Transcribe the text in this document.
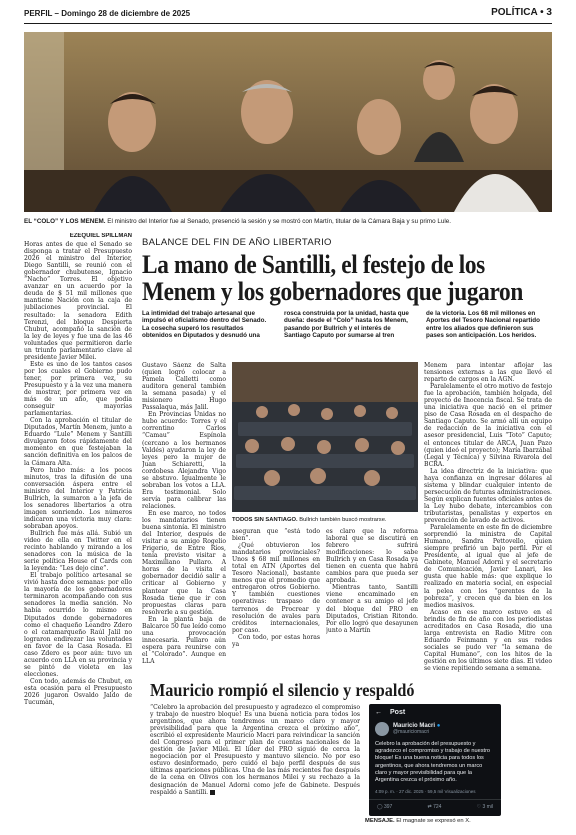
PERFIL – Domingo 28 de diciembre de 2025	POLÍTICA • 3
EL “COLO” Y LOS MENEM. El ministro del Interior fue al Senado, presenció la sesión y se mostró con Martín, titular de la Cámara Baja y su primo Lule.
EZEQUIEL SPILLMAN

Horas antes de que el Senado se dispongа a tratar el Presupuesto 2026 el ministro del Interior, Diego Santilli, se reunió con el gobernador chubutense, Ignacio “Nacho” Torres. El objetivo avanzar en un acuerdo por la deuda de $ 51 mil millones que mantiene Nación con la caja de jubilaciones provincial. El resultado: la senadora Edith Terenzi, del bloque Despierta Chubut, acompañó la sanción de la ley de leyes y fue una de las 46 voluntades que permitieron darle un triunfo parlamentario clave al presidente Javier Milei.

Este es uno de los tantos casos por los cuales el Gobierno pudo tener, por primera vez, su Presupuesto y a la vez una manera de mostrar, por primera vez en más de un año, que podía conseguir mayorías parlamentarias.

Con la aprobación el titular de Diputados, Martín Menem, junto a Eduardo “Lule” Menem y Santilli divulgaron fotos rápidamente del momento en que festejaban la sanción definitiva en los palcos de la Cámara Alta.

Pero hubo más: a los pocos minutos, tras la difusión de una conversación áspera entre el ministro del Interior y Patricia Bullrich, la sumaron a la jefa de los senadores libertarios a otra imagen sonriendo. Los números indicaron una victoria muy clara: sobraban apoyos.

Bullrich fue más allá. Subió un video de ella en Twitter en el recinto hablando y mirando a los senadores con la música de la serie política House of Cards con la leyenda: “Les dejo cine”.

El trabajo político artesanal se vivió hasta doce semanas: por ello la mayoría de los gobernadores terminaron acompañando con sus senadores la media sanción. No había ocurrido lo mismo en Diputados donde gobernadores como el chaqueño Leandro Zdero o el catamarqueño Raúl Jalil no lograron endirezar las voluntades en favor de la Casa Rosada. El caso Zdero es peor aún: tuvo un acuerdo con LLA en su provincia y se pintó de violeta en las elecciones.

Con todo, además de Chubut, en esta ocasión para el Presupuesto 2026 jugaron Osvaldo Jaldo de Tucumán,

BALANCE DEL FIN DE AÑO LIBERTARIO
La mano de Santilli, el festejo de los
Menem y los gobernadores que jugaron
La intimidad del trabajo artesanal que impulsó el oficialismo dentro del Senado. La cosecha superó los resultados obtenidos en Diputados y desnudó una
rosca construida por la unidad, hasta que dueña: desde el “Colo” hasta los Menem, pasando por Bullrich y el interés de Santiago Caputo por sumarse al tren
de la victoria. Los 68 mil millones en Aportes del Tesoro Nacional repartido entre los aliados que definieron sus pases son anticipación. Los heridos.

Gustavo Sáenz de Salta (quien logró colocar a Pamela Calletti como auditora general también la semana pasada) y el misionero Hugo Passalaqua, más Jalil.

En Provincias Unidas no hubo acuerdo: Torres y el correntino Carlos “Camau” Espínola (cercano a los hermanos Valdés) ayudaron la ley de leyes pero la mujer de Juan Schiaretti, la cordobesa Alejandra Vigo se abstuvo. Igualmente le sobraban los votos a LLA. Era testimonial. Solo servía para calibrar las relaciones.

En ese marco, no todos los mandatarios tienen buena sintonía. El ministro del Interior, después de visitar a su amigo Rogelio Frigerio, de Entre Ríos, tenía previsto visitar a Maximiliano Pullaro. A horas de la visita el gobernador decidió salir a criticar al Gobierno y plantear que la Casa Rosada tiene que ir con propuestas claras para resolverle a su gestión.

En la planta baja de Balcarce 50 fue leído como una provocación innecesaria. Pullaro aún espera para reunirse con el “Colorado”. Aunque en LLA

TODOS SIN SANTIAGO. Bullrich también buscó mostrarse.

aseguran que “está todo bien”.

¿Qué obtuvieron los mandatarios provinciales? Unos $ 68 mil millones en total en ATN (Aportes del Tesoro Nacional), bastante menos que el promedio que entregaron otros Gobierno. Y también cuestiones operativas: traspaso de terrenos de Procrear y resolución de avales para créditos internacionales, por caso.

Con todo, por estas horas ya

es claro que la reforma laboral que se discutirá en febrero sufrirá modificaciones: lo sabe Bullrich y en Casa Rosada ya tienen en cuenta que habrá cambios para que pueda ser aprobada.

Mientras tanto, Santilli viene encaminado en contener a su amigo el jefe del bloque del PRO en Diputados, Cristian Ritondo. Por ello logró que desayunen junto a Martín

Menem para intentar aflojar las tensiones externas a las que llevó el reparto de cargos en la AGN.

Paralelamente el otro motivo de festejo fue la aprobación, también holgada, del proyecto de Inocencia fiscal. Se trata de una iniciativa que nació en el primer piso de Casa Rosada en el despacho de Santiago Caputo. Se armó allí un equipo de redacción de la iniciativa con el asesor presidencial, Luis “Toto” Caputo; el entonces titular de ARCA, Juan Pazo (quien ideó el proyecto); María Ibarzábal (Legal y Técnica) y Silvina Rivarola del BCRA.

La idea directriz de la iniciativa: que haya confianza en ingresar dólares al sistema y blindar cualquier intento de persecución de futuras administraciones. Según explican fuentes oficiales antes de la Ley hubo debate, intercambios con tributaristas, penalistas y expertos en prevención de lavado de activos.

Paralelamente en este fin de diciembre sorprendió la ministra de Capital Humano, Sandra Pettovello, quien siempre prefirió un bajo perfil. Por el Presidente, al igual que al jefe de Gabinete, Manuel Adorni y el secretario de Comunicación, Javier Lanari, les gusta que hable más: que explique lo realizado en materia social, en especial la pelea con los “gerentes de la pobreza”, y crecen que da bien en los medios masivos.

Acaso en ese marco estuvo en el brindis de fin de año con los periodistas acreditados en Casa Rosada, dio una larga entrevista en Radio Mitre con Eduardo Feinmann y en sus redes sociales se pudo ver “la semana de Capital Humano”, con los hitos de la gestión en los últimos siete días. El video se viene repitiendo semana a semana.

Mauricio rompió el silencio y respaldó

“Celebro la aprobación del presupuesto y agradezco el compromiso y trabajo de nuestro bloque! Es una buena noticia para todos los argentinos, que ahora tendremos un marco claro y mayor previsibilidad para que la Argentina crezca el próximo año”, escribió el expresidente Mauricio Macri para reivindicar la sanción del Congreso para el primer plan de cuentas nacionales de la gestión de Javier Milei. El líder del PRO siguió de cerca la negociación por el Presupuesto y mantuvo silencio. No por eso estuvo desinformado, pero cuidó el bajo perfil después de sus últimas apariciones públicas. Una de las más recientes fue después de la cena en Olivos con los hermanos Milei y su rechazo a la designación de Manuel Adorni como jefe de Gabinete. Después respaldó a Santilli.

← Post
Mauricio Macri ●
@mauriciomacri
Celebro la aprobación del presupuesto y agradezco el compromiso y trabajo de nuestro bloque! Es una buena noticia para todos los argentinos, que ahora tendremos un marco claro y mayor previsibilidad para que la Argentina crezca el próximo año.
4:09 p. m. · 27 dic. 2025 · 59,5 mil Visualizaciones
◯ 397	⇄ 724	♡ 3 mil
MENSAJE. El magnate se expresó en X.
